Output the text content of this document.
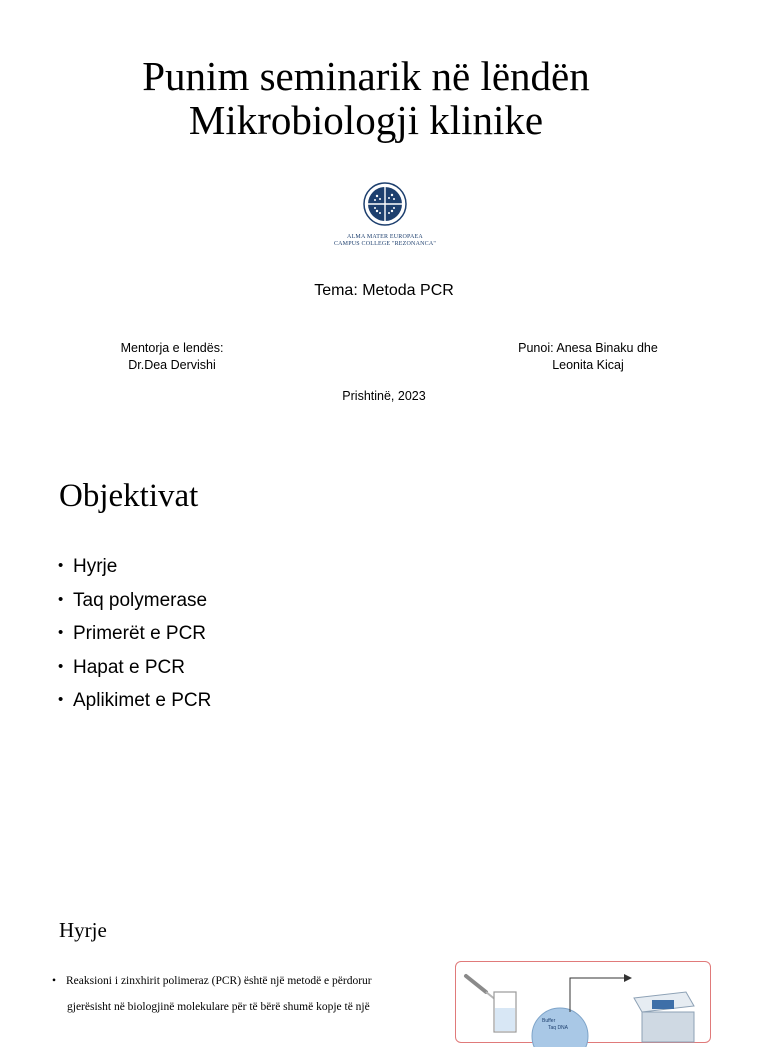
Punim seminarik në lëndën
Mikrobiologji klinike
ALMA MATER EUROPAEA
CAMPUS COLLEGE "REZONANCA"
Tema: Metoda PCR
Mentorja e lendës:
Dr.Dea Dervishi
Punoi: Anesa Binaku dhe
Leonita Kicaj
Prishtinë, 2023
Objektivat
• Hyrje
• Taq polymerase
• Primerët e PCR
• Hapat e PCR
• Aplikimet e PCR
Hyrje
• Reaksioni i zinxhirit polimeraz (PCR) është një metodë e përdorur
gjerësisht në biologjinë molekulare për të bërë shumë kopje të një
Buffer
Taq DNA
